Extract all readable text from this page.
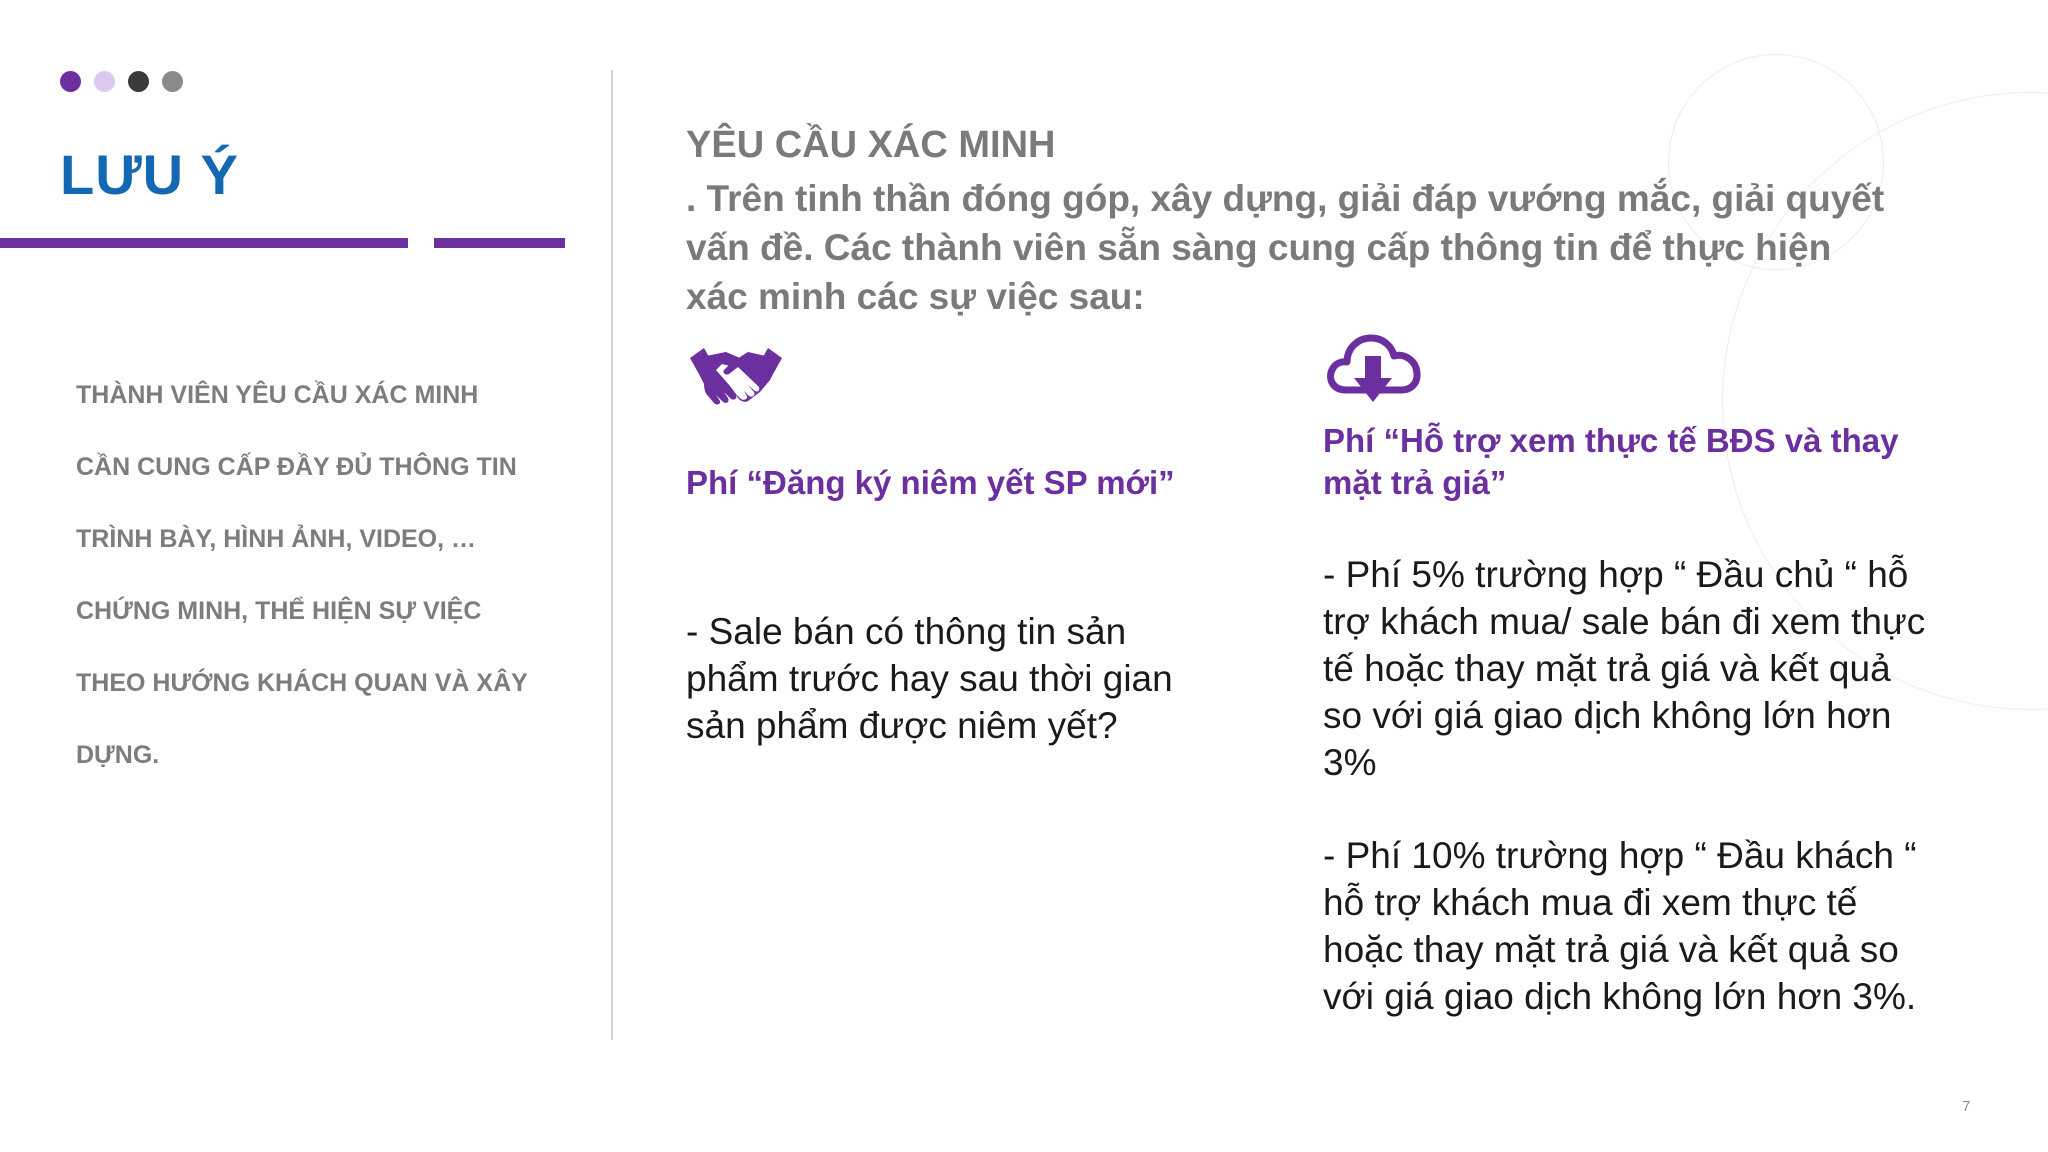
LƯU Ý
THÀNH VIÊN YÊU CẦU XÁC MINH
CẦN CUNG CẤP ĐẦY ĐỦ THÔNG TIN
TRÌNH BÀY, HÌNH ẢNH, VIDEO, …
CHỨNG MINH, THỂ HIỆN SỰ VIỆC
THEO HƯỚNG KHÁCH QUAN VÀ XÂY
DỰNG.
YÊU CẦU XÁC MINH
. Trên tinh thần đóng góp, xây dựng, giải đáp vướng mắc, giải quyết vấn đề. Các thành viên sẵn sàng cung cấp thông tin để thực hiện xác minh các sự việc sau:
Phí “Đăng ký niêm yết SP mới”
Phí “Hỗ trợ xem thực tế BĐS và thay mặt trả giá”
- Sale bán có thông tin sản phẩm trước hay sau thời gian sản phẩm được niêm yết?
- Phí 5% trường hợp “ Đầu chủ “ hỗ trợ khách mua/ sale bán đi xem thực tế hoặc thay mặt trả giá và kết quả so với giá giao dịch không lớn hơn 3%
- Phí 10% trường hợp “ Đầu khách “ hỗ trợ khách mua đi xem thực tế hoặc thay mặt trả giá và kết quả so với giá giao dịch không lớn hơn 3%.
7
